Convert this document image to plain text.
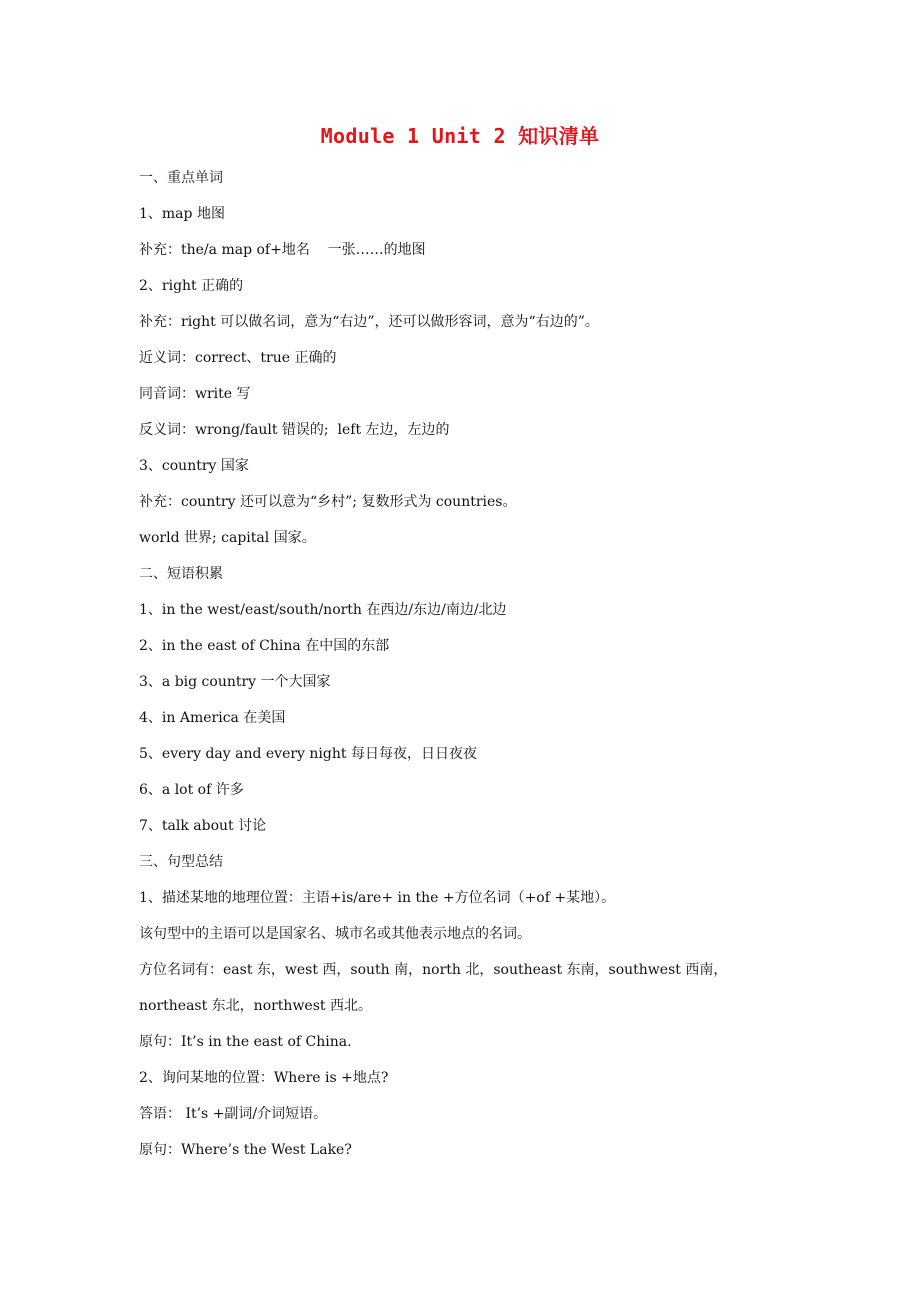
Module 1 Unit 2 知识清单
一、重点单词
1、map 地图
补充：the/a map of+地名    一张……的地图
2、right 正确的
补充：right 可以做名词，意为“右边”，还可以做形容词，意为“右边的”。
近义词：correct、true 正确的
同音词：write 写
反义词：wrong/fault 错误的;  left 左边，左边的
3、country 国家
补充：country 还可以意为“乡村”; 复数形式为 countries。
world 世界; capital 国家。
二、短语积累
1、in the west/east/south/north 在西边/东边/南边/北边
2、in the east of China 在中国的东部
3、a big country 一个大国家
4、in America 在美国
5、every day and every night 每日每夜，日日夜夜
6、a lot of 许多
7、talk about 讨论
三、句型总结
1、描述某地的地理位置：主语+is/are+ in the +方位名词（+of +某地）。
该句型中的主语可以是国家名、城市名或其他表示地点的名词。
方位名词有：east 东，west 西，south 南，north 北，southeast 东南，southwest 西南，
northeast 东北，northwest 西北。
原句：It’s in the east of China.
2、询问某地的位置：Where is +地点?
答语： It’s +副词/介词短语。
原句：Where’s the West Lake?
